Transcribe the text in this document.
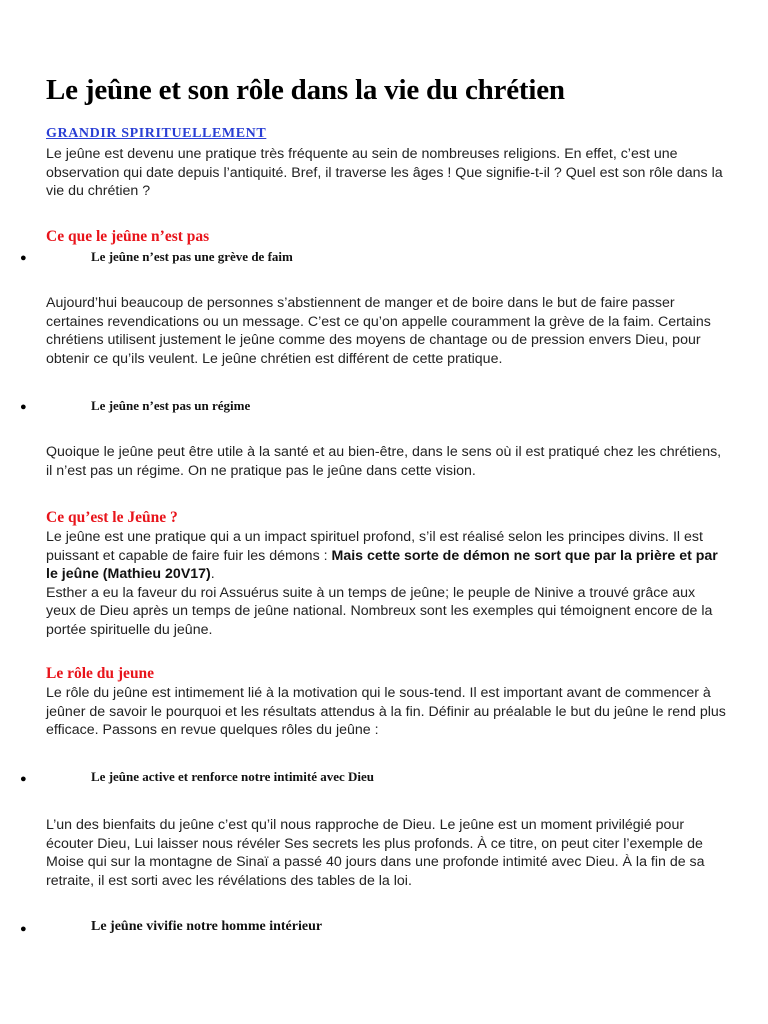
Le jeûne et son rôle dans la vie du chrétien
GRANDIR SPIRITUELLEMENT

Le jeûne est devenu une pratique très fréquente au sein de nombreuses religions. En effet, c’est une observation qui date depuis l’antiquité. Bref, il traverse les âges ! Que signifie-t-il ? Quel est son rôle dans la vie du chrétien ?

Ce que le jeûne n’est pas
●	Le jeûne n’est pas une grève de faim

Aujourd’hui beaucoup de personnes s’abstiennent de manger et de boire dans le but de faire passer certaines revendications ou un message. C’est ce qu’on appelle couramment la grève de la faim. Certains chrétiens utilisent justement le jeûne comme des moyens de chantage ou de pression envers Dieu, pour obtenir ce qu’ils veulent. Le jeûne chrétien est différent de cette pratique.

●	Le jeûne n’est pas un régime

Quoique le jeûne peut être utile à la santé et au bien-être, dans le sens où il est pratiqué chez les chrétiens, il n’est pas un régime. On ne pratique pas le jeûne dans cette vision.

Ce qu’est le Jeûne ?

Le jeûne est une pratique qui a un impact spirituel profond, s’il est réalisé selon les principes divins. Il est puissant et capable de faire fuir les démons : Mais cette sorte de démon ne sort que par la prière et par le jeûne (Mathieu 20V17).
Esther a eu la faveur du roi Assuérus suite à un temps de jeûne; le peuple de Ninive a trouvé grâce aux yeux de Dieu après un temps de jeûne national. Nombreux sont les exemples qui témoignent encore de la portée spirituelle du jeûne.

Le rôle du jeune

Le rôle du jeûne est intimement lié à la motivation qui le sous-tend. Il est important avant de commencer à jeûner de savoir le pourquoi et les résultats attendus à la fin. Définir au préalable le but du jeûne le rend plus efficace. Passons en revue quelques rôles du jeûne :

●	Le jeûne active et renforce notre intimité avec Dieu

L’un des bienfaits du jeûne c’est qu’il nous rapproche de Dieu. Le jeûne est un moment privilégié pour écouter Dieu, Lui laisser nous révéler Ses secrets les plus profonds. À ce titre, on peut citer l’exemple de Moise qui sur la montagne de Sinaï a passé 40 jours dans une profonde intimité avec Dieu. À la fin de sa retraite, il est sorti avec les révélations des tables de la loi.

●	Le jeûne vivifie notre homme intérieur
